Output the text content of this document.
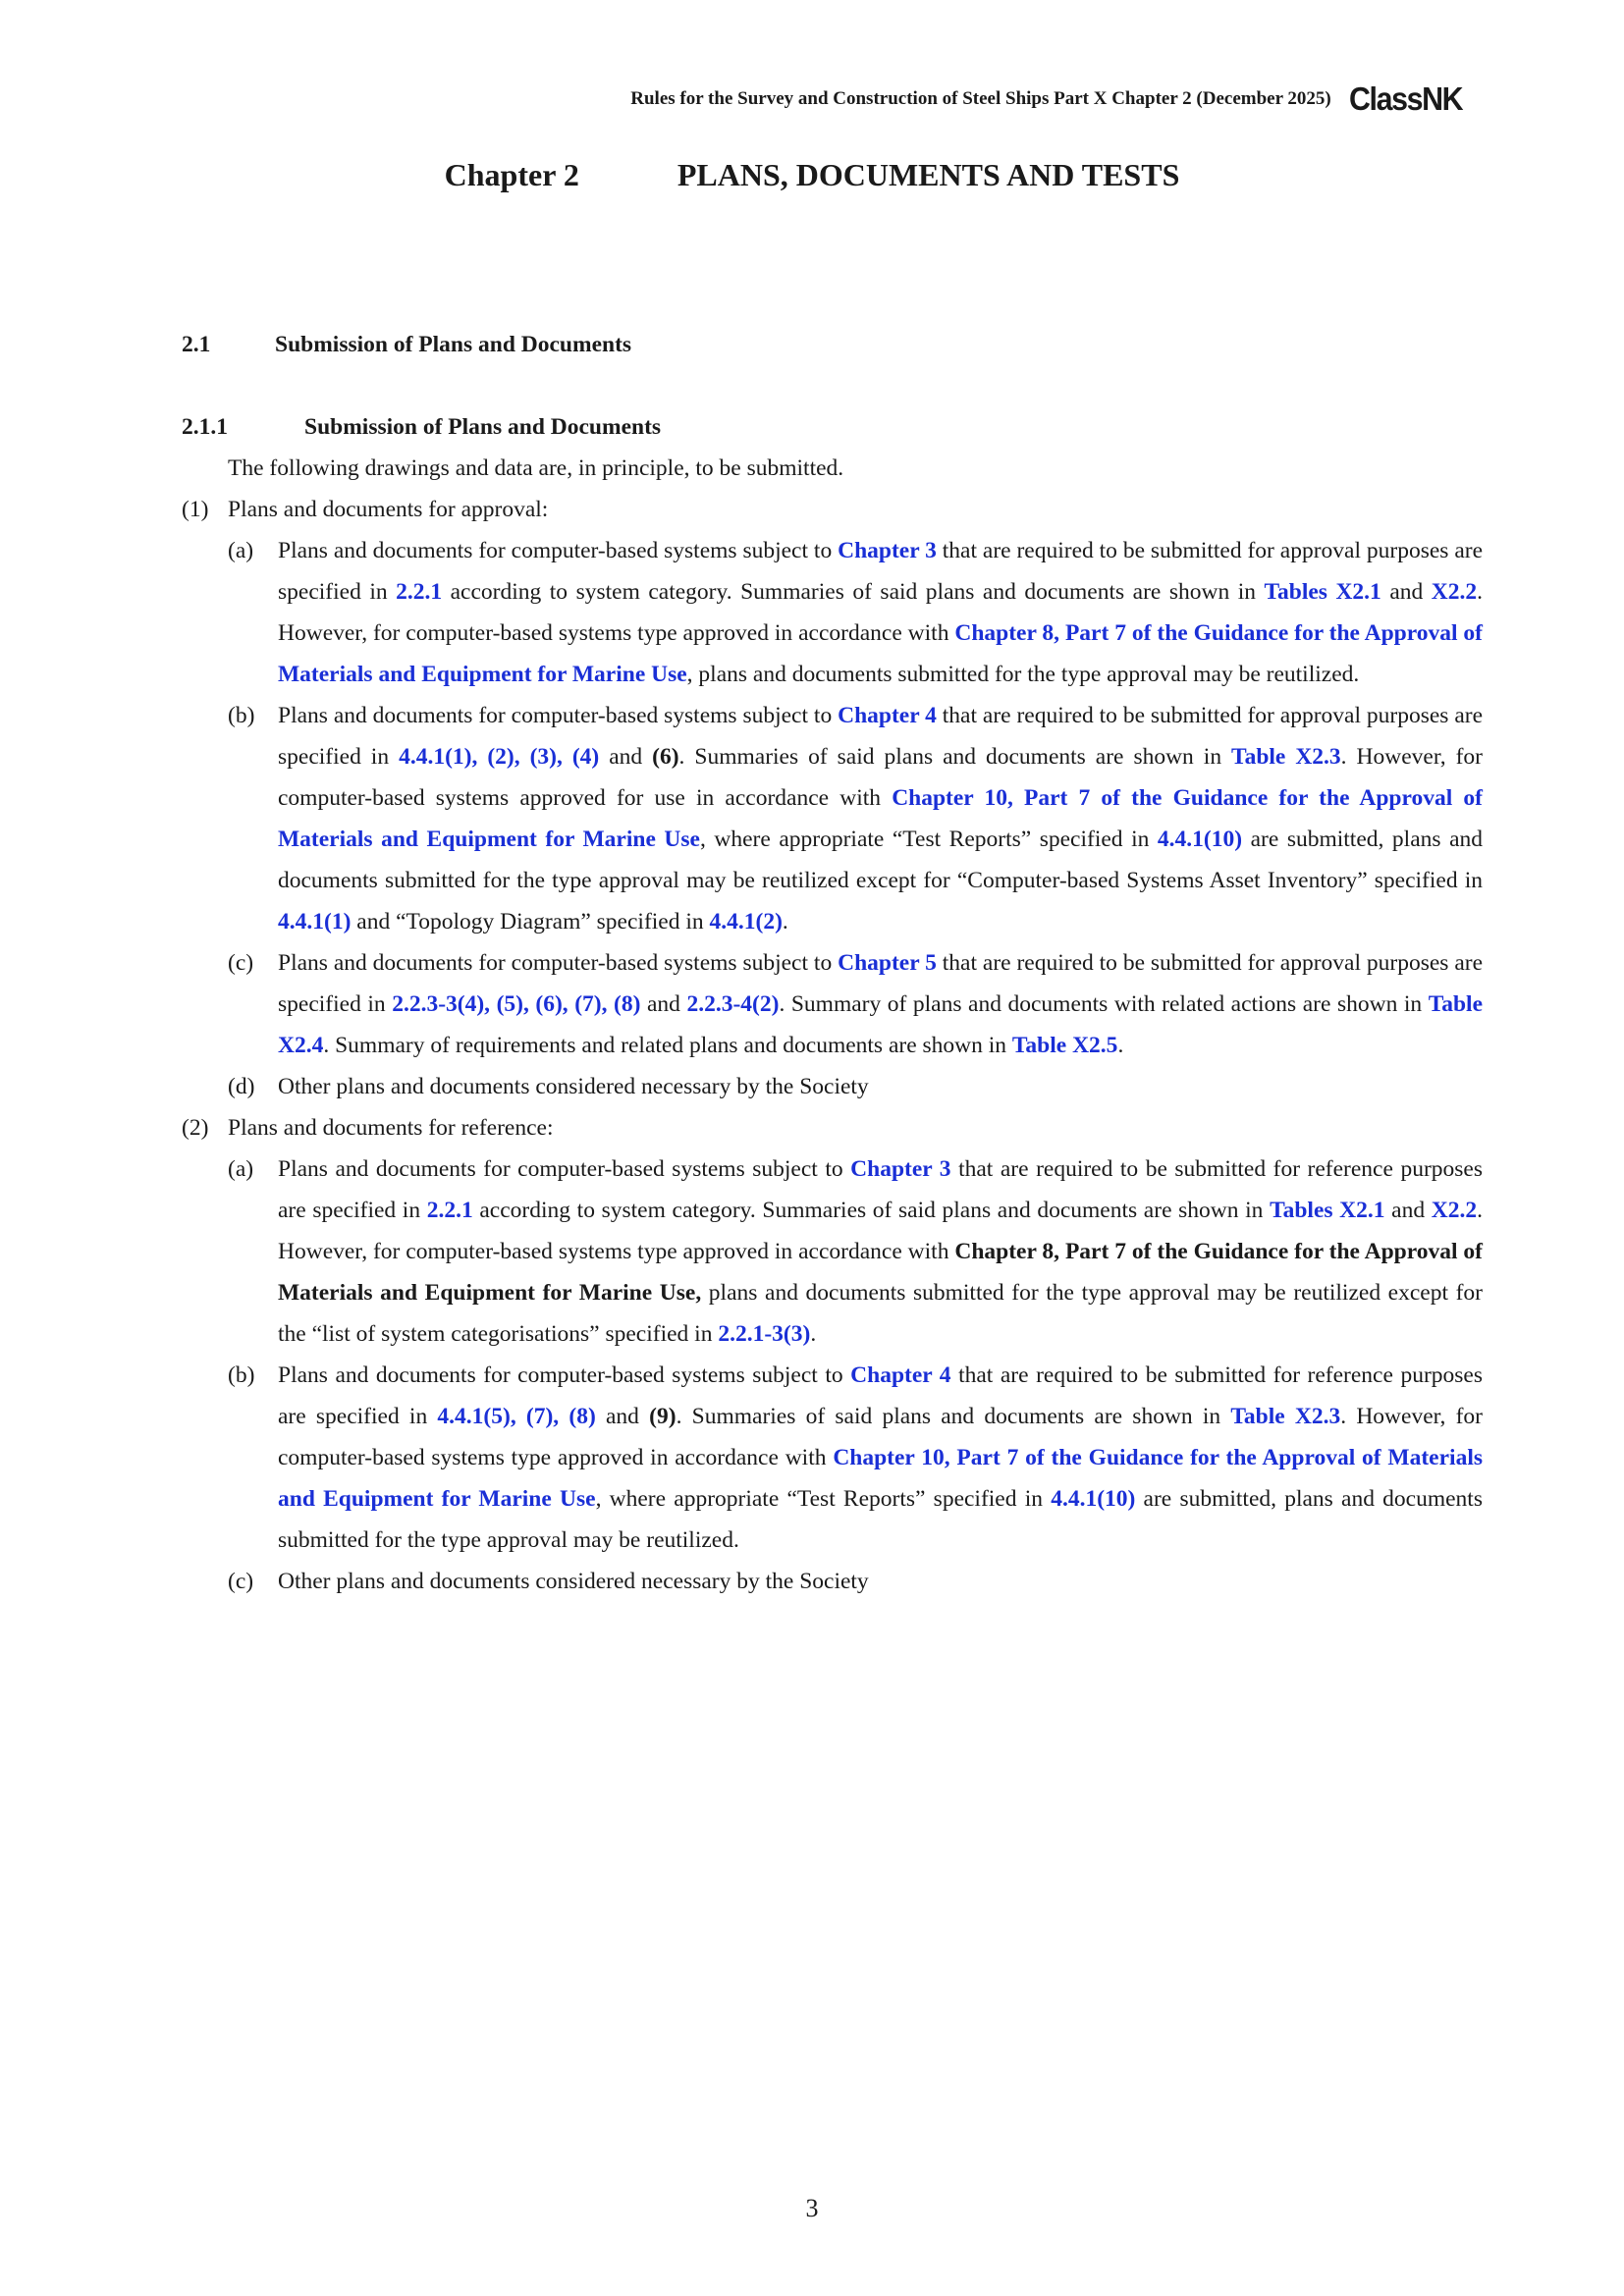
Rules for the Survey and Construction of Steel Ships Part X Chapter 2 (December 2025) ClassNK
Chapter 2	PLANS, DOCUMENTS AND TESTS

2.1	Submission of Plans and Documents

2.1.1	Submission of Plans and Documents

The following drawings and data are, in principle, to be submitted.

(1) Plans and documents for approval:
(a)	Plans and documents for computer-based systems subject to Chapter 3 that are required to be submitted for approval purposes are specified in 2.2.1 according to system category. Summaries of said plans and documents are shown in Tables X2.1 and X2.2. However, for computer-based systems type approved in accordance with Chapter 8, Part 7 of the Guidance for the Approval of Materials and Equipment for Marine Use, plans and documents submitted for the type approval may be reutilized.
(b)	Plans and documents for computer-based systems subject to Chapter 4 that are required to be submitted for approval purposes are specified in 4.4.1(1), (2), (3), (4) and (6). Summaries of said plans and documents are shown in Table X2.3. However, for computer-based systems approved for use in accordance with Chapter 10, Part 7 of the Guidance for the Approval of Materials and Equipment for Marine Use, where appropriate “Test Reports” specified in 4.4.1(10) are submitted, plans and documents submitted for the type approval may be reutilized except for “Computer-based Systems Asset Inventory” specified in 4.4.1(1) and “Topology Diagram” specified in 4.4.1(2).
(c)	Plans and documents for computer-based systems subject to Chapter 5 that are required to be submitted for approval purposes are specified in 2.2.3-3(4), (5), (6), (7), (8) and 2.2.3-4(2). Summary of plans and documents with related actions are shown in Table X2.4. Summary of requirements and related plans and documents are shown in Table X2.5.
(d)	Other plans and documents considered necessary by the Society
(2) Plans and documents for reference:
(a)	Plans and documents for computer-based systems subject to Chapter 3 that are required to be submitted for reference purposes are specified in 2.2.1 according to system category. Summaries of said plans and documents are shown in Tables X2.1 and X2.2. However, for computer-based systems type approved in accordance with Chapter 8, Part 7 of the Guidance for the Approval of Materials and Equipment for Marine Use, plans and documents submitted for the type approval may be reutilized except for the “list of system categorisations” specified in 2.2.1-3(3).
(b)	Plans and documents for computer-based systems subject to Chapter 4 that are required to be submitted for reference purposes are specified in 4.4.1(5), (7), (8) and (9). Summaries of said plans and documents are shown in Table X2.3. However, for computer-based systems type approved in accordance with Chapter 10, Part 7 of the Guidance for the Approval of Materials and Equipment for Marine Use, where appropriate “Test Reports” specified in 4.4.1(10) are submitted, plans and documents submitted for the type approval may be reutilized.
(c)	Other plans and documents considered necessary by the Society
3
